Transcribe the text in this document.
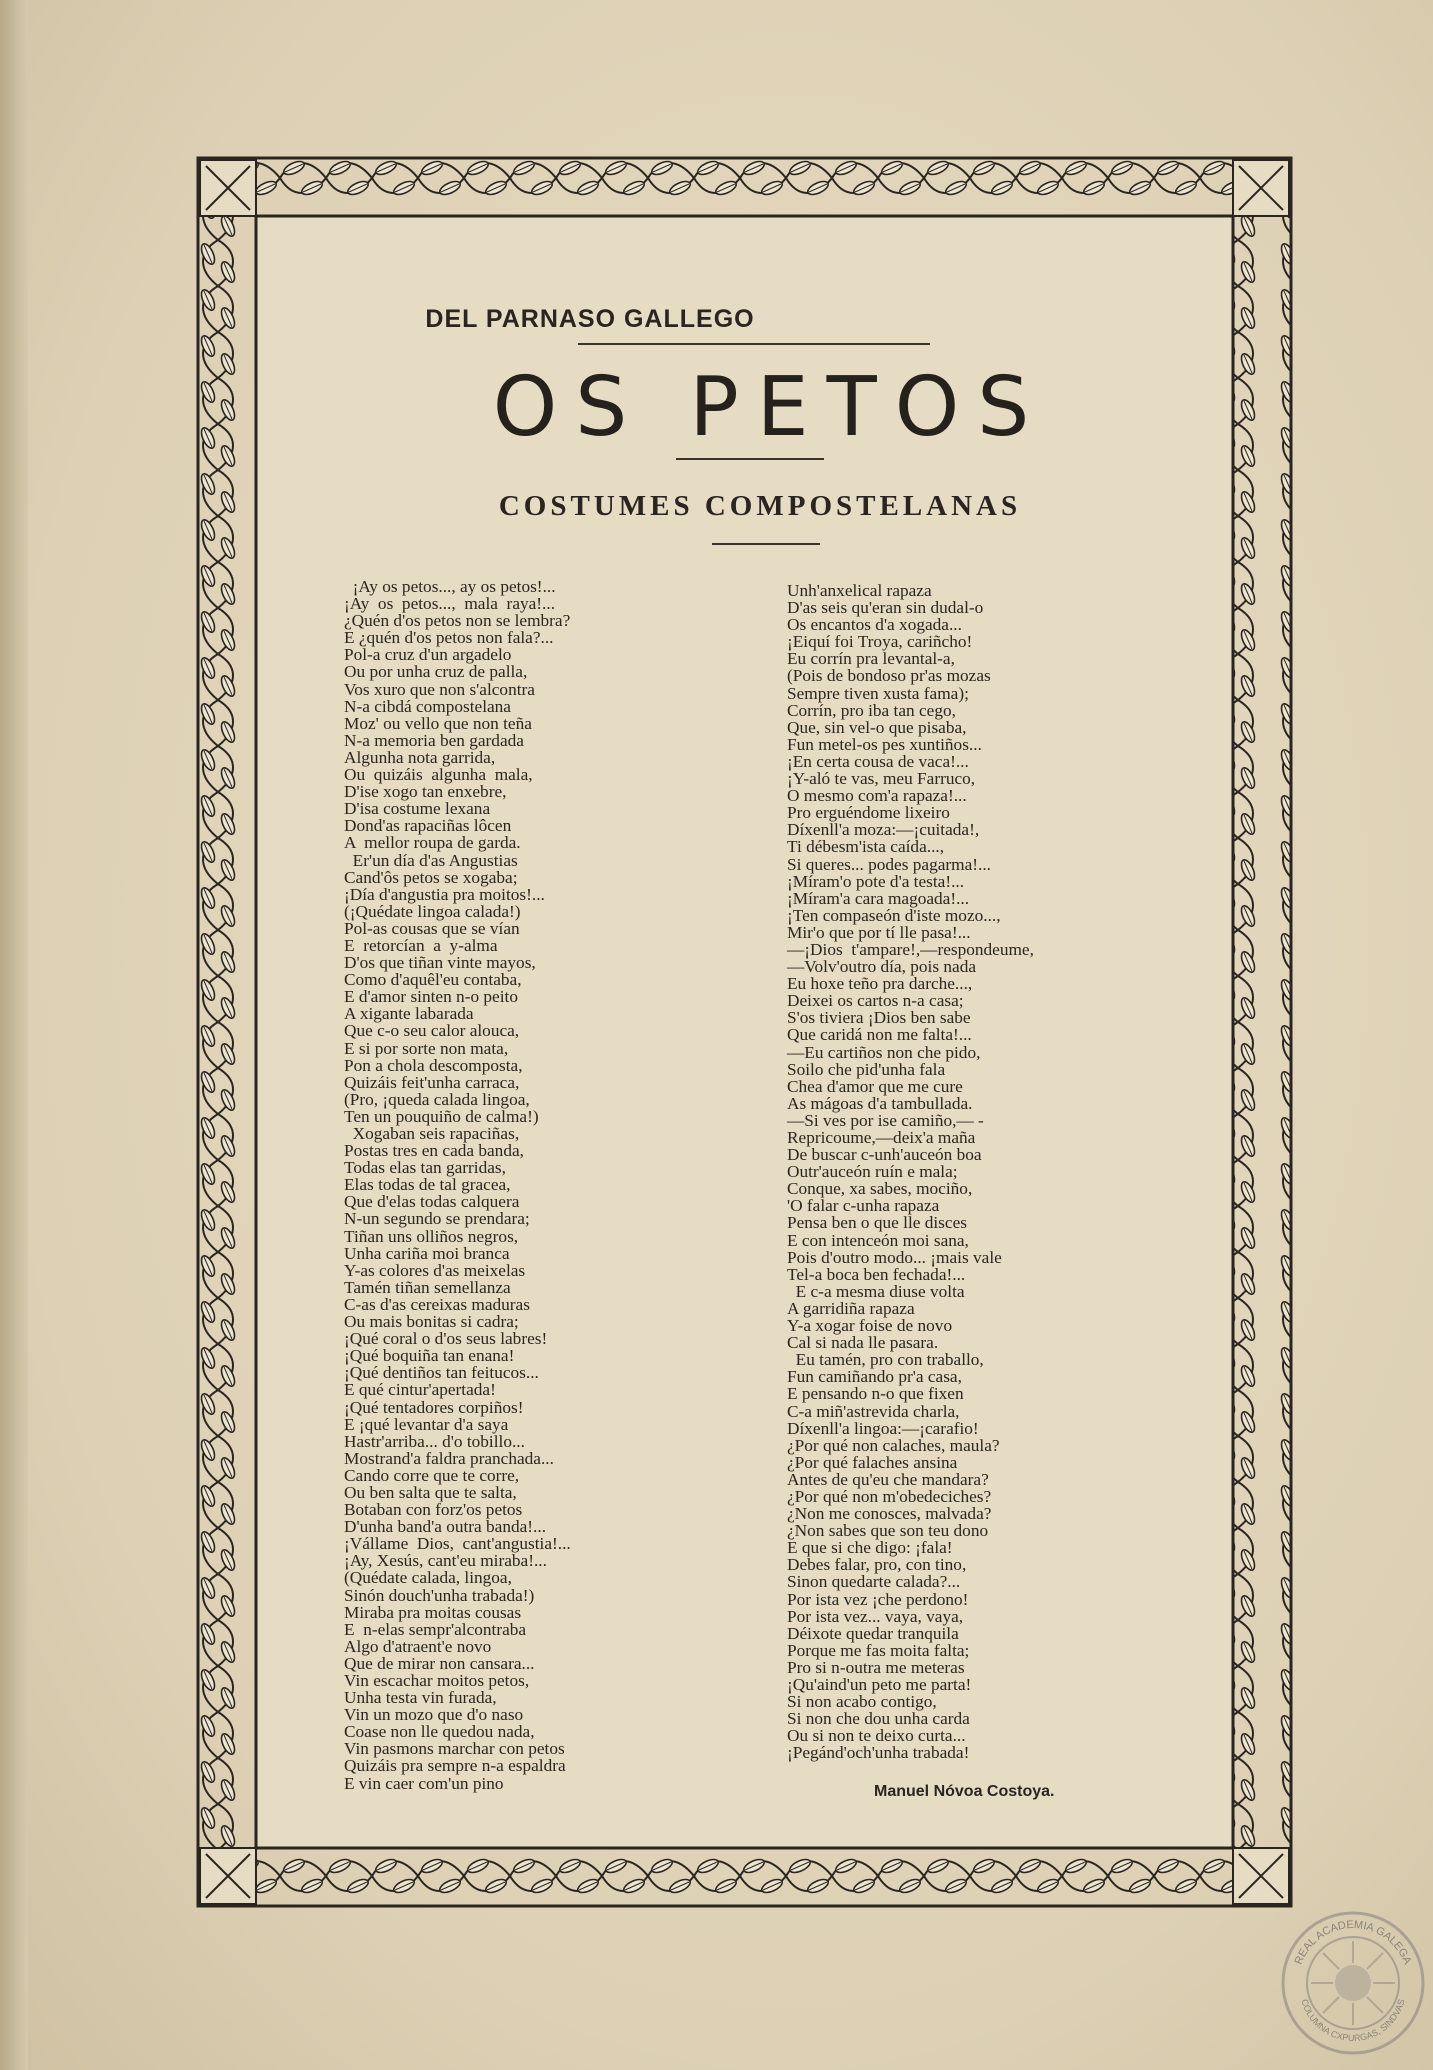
DEL PARNASO GALLEGO
OS PETOS
COSTUMES COMPOSTELANAS
¡Ay os petos..., ay os petos!...
¡Ay  os  petos...,  mala  raya!...
¿Quén d'os petos non se lembra?
E ¿quén d'os petos non fala?...
Pol-a cruz d'un argadelo
Ou por unha cruz de palla,
Vos xuro que non s'alcontra
N-a cibdá compostelana
Moz' ou vello que non teña
N-a memoria ben gardada
Algunha nota garrida,
Ou  quizáis  algunha  mala,
D'ise xogo tan enxebre,
D'isa costume lexana
Dond'as rapaciñas lôcen
A  mellor roupa de garda.
Er'un día d'as Angustias
Cand'ôs petos se xogaba;
¡Día d'angustia pra moitos!...
(¡Quédate lingoa calada!)
Pol-as cousas que se vían
E  retorcían  a  y-alma
D'os que tiñan vinte mayos,
Como d'aquêl'eu contaba,
E d'amor sinten n-o peito
A xigante labarada
Que c-o seu calor alouca,
E si por sorte non mata,
Pon a chola descomposta,
Quizáis feit'unha carraca,
(Pro, ¡queda calada lingoa,
Ten un pouquiño de calma!)
Xogaban seis rapaciñas,
Postas tres en cada banda,
Todas elas tan garridas,
Elas todas de tal gracea,
Que d'elas todas calquera
N-un segundo se prendara;
Tiñan uns olliños negros,
Unha cariña moi branca
Y-as colores d'as meixelas
Tamén tiñan semellanza
C-as d'as cereixas maduras
Ou mais bonitas si cadra;
¡Qué coral o d'os seus labres!
¡Qué boquiña tan enana!
¡Qué dentiños tan feitucos...
E qué cintur'apertada!
¡Qué tentadores corpiños!
E ¡qué levantar d'a saya
Hastr'arriba... d'o tobillo...
Mostrand'a faldra pranchada...
Cando corre que te corre,
Ou ben salta que te salta,
Botaban con forz'os petos
D'unha band'a outra banda!...
¡Vállame  Dios,  cant'angustia!...
¡Ay, Xesús, cant'eu miraba!...
(Quédate calada, lingoa,
Sinón douch'unha trabada!)
Miraba pra moitas cousas
E  n-elas sempr'alcontraba
Algo d'atraent'e novo
Que de mirar non cansara...
Vin escachar moitos petos,
Unha testa vin furada,
Vin un mozo que d'o naso
Coase non lle quedou nada,
Vin pasmons marchar con petos
Quizáis pra sempre n-a espaldra
E vin caer com'un pino
Unh'anxelical rapaza
D'as seis qu'eran sin dudal-o
Os encantos d'a xogada...
¡Eiquí foi Troya, cariñcho!
Eu corrín pra levantal-a,
(Pois de bondoso pr'as mozas
Sempre tiven xusta fama);
Corrín, pro iba tan cego,
Que, sin vel-o que pisaba,
Fun metel-os pes xuntiños...
¡En certa cousa de vaca!...
¡Y-aló te vas, meu Farruco,
O mesmo com'a rapaza!...
Pro erguéndome lixeiro
Díxenll'a moza:—¡cuitada!,
Ti débesm'ista caída...,
Si queres... podes pagarma!...
¡Míram'o pote d'a testa!...
¡Míram'a cara magoada!...
¡Ten compaseón d'iste mozo...,
Mir'o que por tí lle pasa!...
—¡Dios  t'ampare!,—respondeume,
—Volv'outro día, pois nada
Eu hoxe teño pra darche...,
Deixei os cartos n-a casa;
S'os tiviera ¡Dios ben sabe
Que caridá non me falta!...
—Eu cartiños non che pido,
Soilo che pid'unha fala
Chea d'amor que me cure
As mágoas d'a tambullada.
—Si ves por ise camiño,— -
Repricoume,—deix'a maña
De buscar c-unh'auceón boa
Outr'auceón ruín e mala;
Conque, xa sabes, mociño,
'O falar c-unha rapaza
Pensa ben o que lle disces
E con intenceón moi sana,
Pois d'outro modo... ¡mais vale
Tel-a boca ben fechada!...
E c-a mesma diuse volta
A garridiña rapaza
Y-a xogar foise de novo
Cal si nada lle pasara.
Eu tamén, pro con traballo,
Fun camiñando pr'a casa,
E pensando n-o que fixen
C-a miñ'astrevida charla,
Díxenll'a lingoa:—¡carafio!
¿Por qué non calaches, maula?
¿Por qué falaches ansina
Antes de qu'eu che mandara?
¿Por qué non m'obedeciches?
¿Non me conosces, malvada?
¿Non sabes que son teu dono
E que si che digo: ¡fala!
Debes falar, pro, con tino,
Sinon quedarte calada?...
Por ista vez ¡che perdono!
Por ista vez... vaya, vaya,
Déixote quedar tranquila
Porque me fas moita falta;
Pro si n-outra me meteras
¡Qu'aind'un peto me parta!
Si non acabo contigo,
Si non che dou unha carda
Ou si non te deixo curta...
¡Pegánd'och'unha trabada!
Manuel Nóvoa Costoya.
REAL ACADEMIA GALEGA
COLUMNA CXPURGAS, SINDVAS
